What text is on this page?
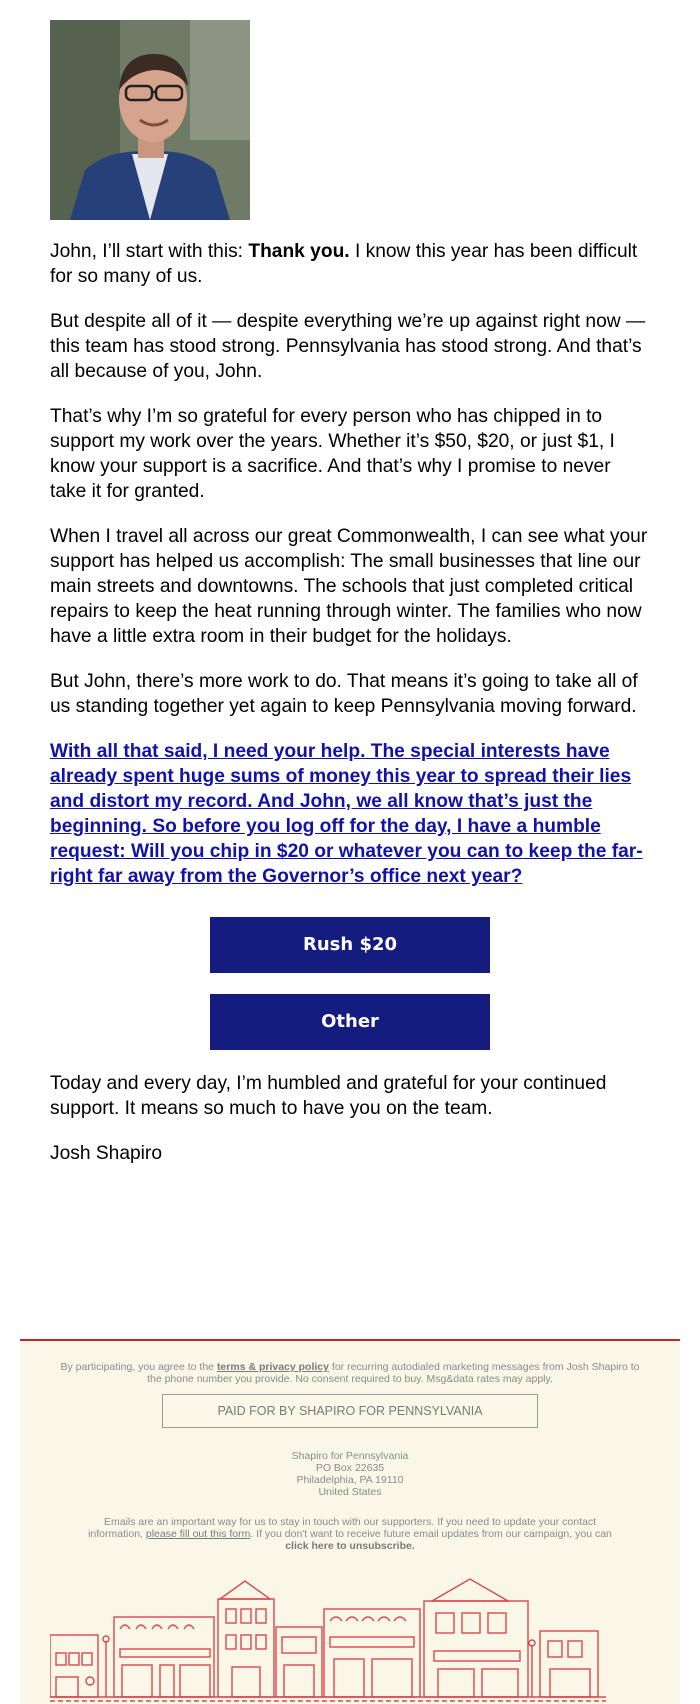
John, I’ll start with this: Thank you. I know this year has been difficult for so many of us.

But despite all of it — despite everything we’re up against right now — this team has stood strong. Pennsylvania has stood strong. And that’s all because of you, John.

That’s why I’m so grateful for every person who has chipped in to support my work over the years. Whether it’s $50, $20, or just $1, I know your support is a sacrifice. And that’s why I promise to never take it for granted.

When I travel all across our great Commonwealth, I can see what your support has helped us accomplish: The small businesses that line our main streets and downtowns. The schools that just completed critical repairs to keep the heat running through winter. The families who now have a little extra room in their budget for the holidays.

But John, there’s more work to do. That means it’s going to take all of us standing together yet again to keep Pennsylvania moving forward.

With all that said, I need your help. The special interests have already spent huge sums of money this year to spread their lies and distort my record. And John, we all know that’s just the beginning. So before you log off for the day, I have a humble request: Will you chip in $20 or whatever you can to keep the far-right far away from the Governor’s office next year?

Rush $20
Other

Today and every day, I’m humbled and grateful for your continued support. It means so much to have you on the team.

Josh Shapiro

By participating, you agree to the terms & privacy policy for recurring autodialed marketing messages from Josh Shapiro to the phone number you provide. No consent required to buy. Msg&data rates may apply.
PAID FOR BY SHAPIRO FOR PENNSYLVANIA
Shapiro for Pennsylvania
PO Box 22635
Philadelphia, PA 19110
United States
Emails are an important way for us to stay in touch with our supporters. If you need to update your contact information, please fill out this form. If you don't want to receive future email updates from our campaign, you can click here to unsubscribe.
